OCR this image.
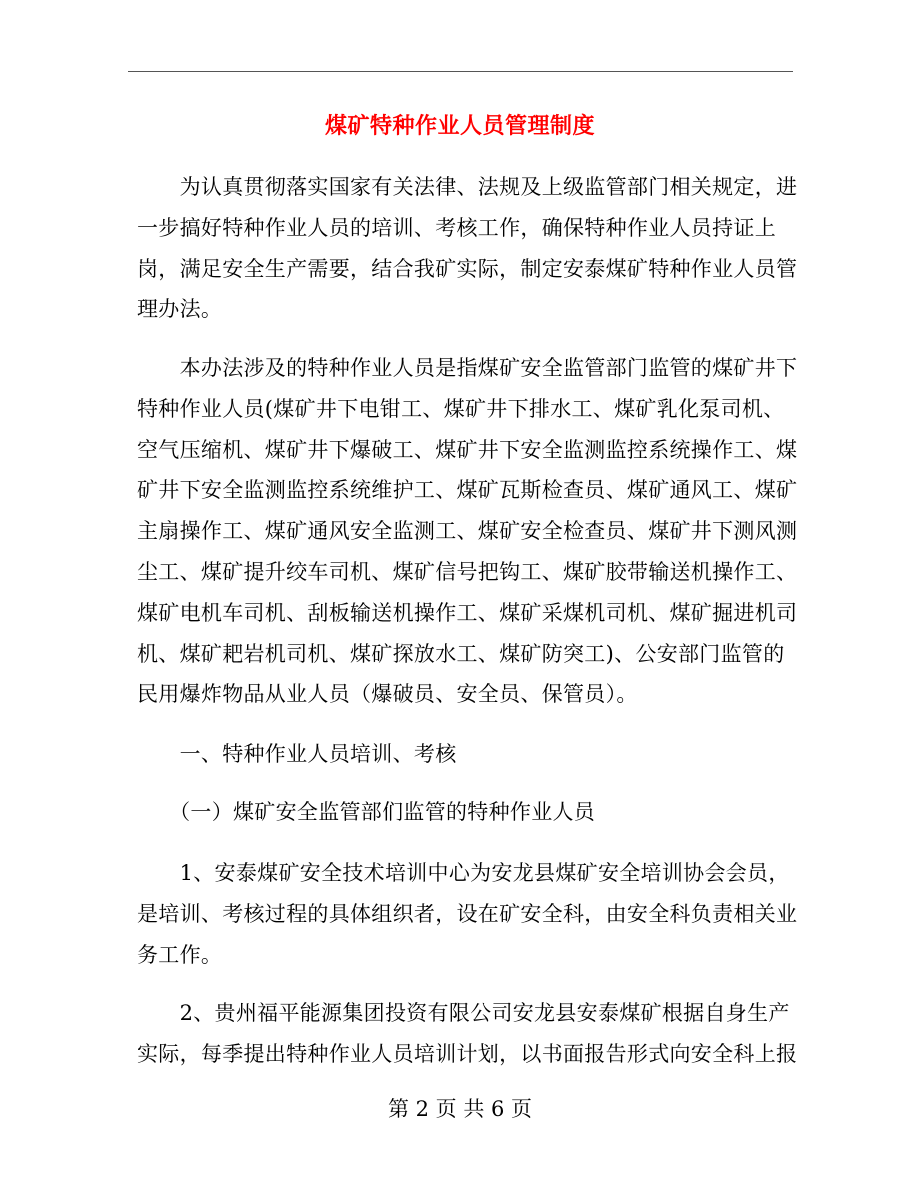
煤矿特种作业人员管理制度

　　为认真贯彻落实国家有关法律、法规及上级监管部门相关规定，进一步搞好特种作业人员的培训、考核工作，确保特种作业人员持证上岗，满足安全生产需要，结合我矿实际，制定安泰煤矿特种作业人员管理办法。

　　本办法涉及的特种作业人员是指煤矿安全监管部门监管的煤矿井下特种作业人员(煤矿井下电钳工、煤矿井下排水工、煤矿乳化泵司机、空气压缩机、煤矿井下爆破工、煤矿井下安全监测监控系统操作工、煤矿井下安全监测监控系统维护工、煤矿瓦斯检查员、煤矿通风工、煤矿主扇操作工、煤矿通风安全监测工、煤矿安全检查员、煤矿井下测风测尘工、煤矿提升绞车司机、煤矿信号把钩工、煤矿胶带输送机操作工、煤矿电机车司机、刮板输送机操作工、煤矿采煤机司机、煤矿掘进机司机、煤矿耙岩机司机、煤矿探放水工、煤矿防突工)、公安部门监管的民用爆炸物品从业人员（爆破员、安全员、保管员）。

　　一、特种作业人员培训、考核

　　（一）煤矿安全监管部们监管的特种作业人员

　　1、安泰煤矿安全技术培训中心为安龙县煤矿安全培训协会会员，是培训、考核过程的具体组织者，设在矿安全科，由安全科负责相关业务工作。

　　2、贵州福平能源集团投资有限公司安龙县安泰煤矿根据自身生产实际，每季提出特种作业人员培训计划，以书面报告形式向安全科上报

第 2 页 共 6 页
